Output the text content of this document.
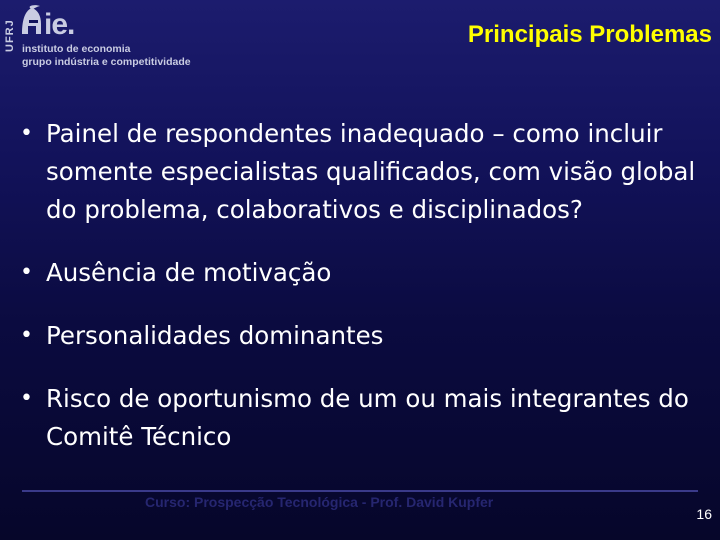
UFRJ ie.
instituto de economia
grupo indústria e competitividade
Principais Problemas
• Painel de respondentes inadequado – como incluir somente especialistas qualificados, com visão global do problema, colaborativos e disciplinados?
• Ausência de motivação
• Personalidades dominantes
• Risco de oportunismo de um ou mais integrantes do Comitê Técnico
Curso: Prospecção Tecnológica - Prof. David Kupfer
16
